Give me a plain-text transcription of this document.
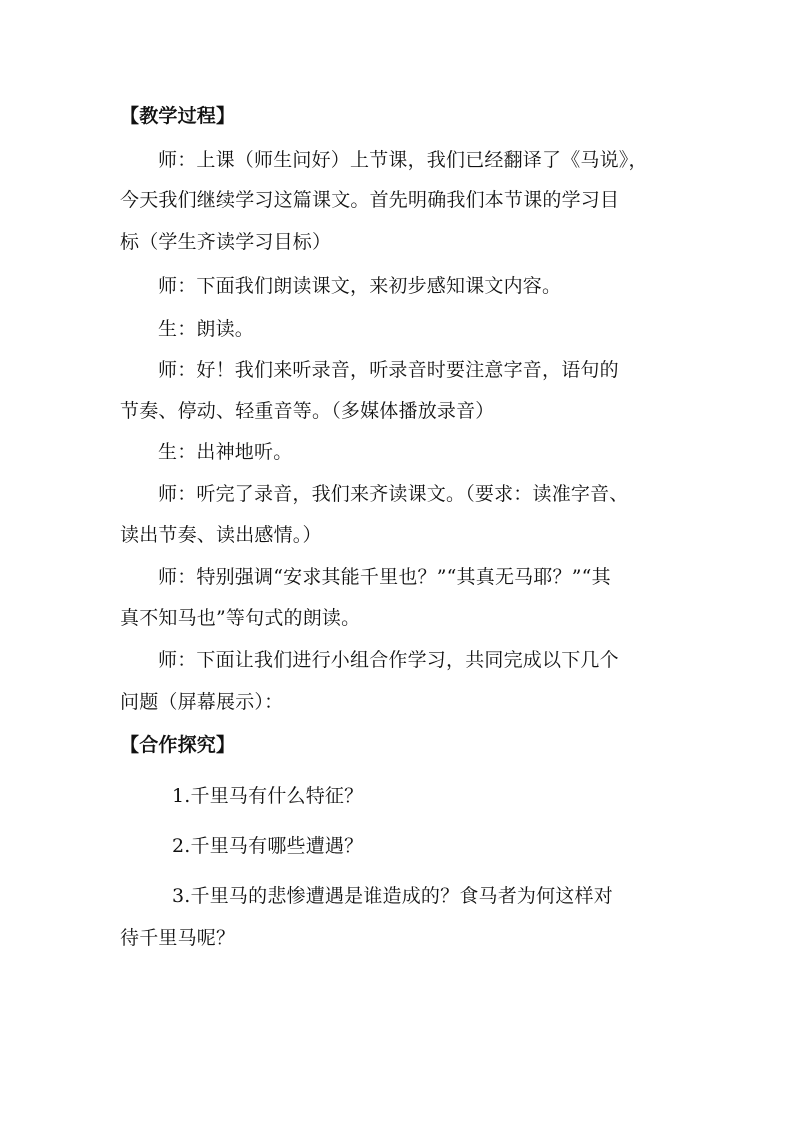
【教学过程】
师：上课（师生问好）上节课，我们已经翻译了《马说》，
今天我们继续学习这篇课文。首先明确我们本节课的学习目
标（学生齐读学习目标）
师：下面我们朗读课文，来初步感知课文内容。
生：朗读。
师：好！我们来听录音，听录音时要注意字音，语句的
节奏、停动、轻重音等。（多媒体播放录音）
生：出神地听。
师：听完了录音，我们来齐读课文。（要求：读准字音、
读出节奏、读出感情。）
师：特别强调“安求其能千里也？”“其真无马耶？”“其
真不知马也”等句式的朗读。
师：下面让我们进行小组合作学习，共同完成以下几个
问题（屏幕展示）：
【合作探究】
1.千里马有什么特征？
2.千里马有哪些遭遇？
3.千里马的悲惨遭遇是谁造成的？食马者为何这样对
待千里马呢？
